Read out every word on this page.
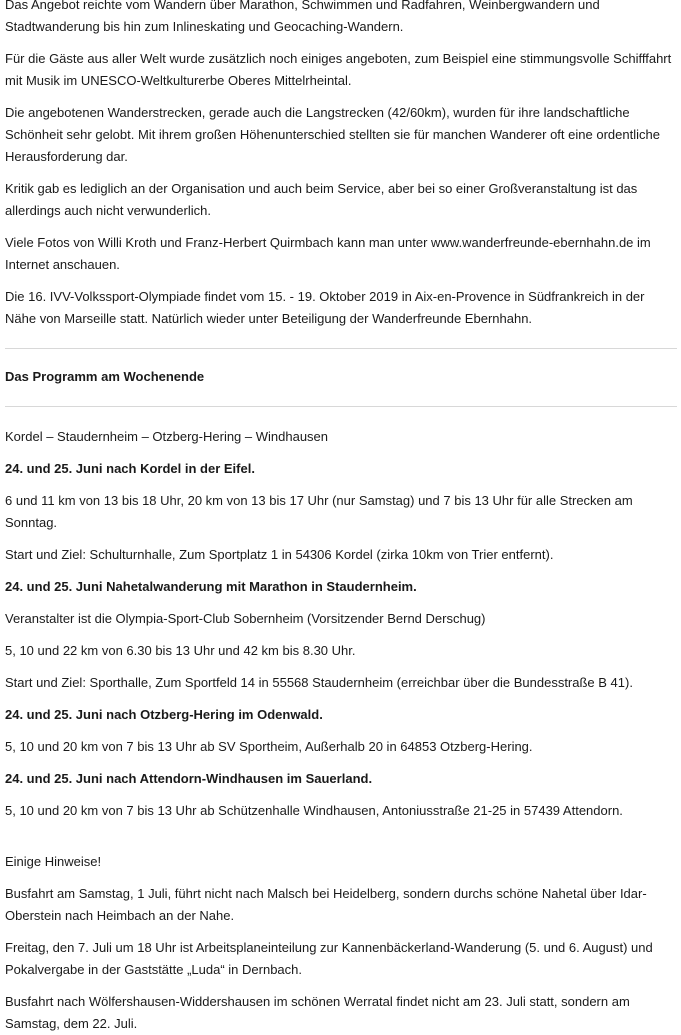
Das Angebot reichte vom Wandern über Marathon, Schwimmen und Radfahren, Weinbergwandern und Stadtwanderung bis hin zum Inlineskating und Geocaching-Wandern.

Für die Gäste aus aller Welt wurde zusätzlich noch einiges angeboten, zum Beispiel eine stimmungsvolle Schifffahrt mit Musik im UNESCO-Weltkulturerbe Oberes Mittelrheintal.

Die angebotenen Wanderstrecken, gerade auch die Langstrecken (42/60km), wurden für ihre landschaftliche Schönheit sehr gelobt. Mit ihrem großen Höhenunterschied stellten sie für manchen Wanderer oft eine ordentliche Herausforderung dar.

Kritik gab es lediglich an der Organisation und auch beim Service, aber bei so einer Großveranstaltung ist das allerdings auch nicht verwunderlich.

Viele Fotos von Willi Kroth und Franz-Herbert Quirmbach kann man unter www.wanderfreunde-ebernhahn.de im Internet anschauen.

Die 16. IVV-Volkssport-Olympiade findet vom 15. - 19. Oktober 2019 in Aix-en-Provence in Südfrankreich in der Nähe von Marseille statt. Natürlich wieder unter Beteiligung der Wanderfreunde Ebernhahn.

Das Programm am Wochenende

Kordel – Staudernheim – Otzberg-Hering – Windhausen

24. und 25. Juni nach Kordel in der Eifel.

6 und 11 km von 13 bis 18 Uhr, 20 km von 13 bis 17 Uhr (nur Samstag) und 7 bis 13 Uhr für alle Strecken am Sonntag.

Start und Ziel: Schulturnhalle, Zum Sportplatz 1 in 54306 Kordel (zirka 10km von Trier entfernt).

24. und 25. Juni Nahetalwanderung mit Marathon in Staudernheim.

Veranstalter ist die Olympia-Sport-Club Sobernheim (Vorsitzender Bernd Derschug)

5, 10 und 22 km von 6.30 bis 13 Uhr und 42 km bis 8.30 Uhr.

Start und Ziel: Sporthalle, Zum Sportfeld 14 in 55568 Staudernheim (erreichbar über die Bundesstraße B 41).

24. und 25. Juni nach Otzberg-Hering im Odenwald.

5, 10 und 20 km von 7 bis 13 Uhr ab SV Sportheim, Außerhalb 20 in 64853 Otzberg-Hering.

24. und 25. Juni nach Attendorn-Windhausen im Sauerland.

5, 10 und 20 km von 7 bis 13 Uhr ab Schützenhalle Windhausen, Antoniusstraße 21-25 in 57439 Attendorn.

Einige Hinweise!

Busfahrt am Samstag, 1 Juli, führt nicht nach Malsch bei Heidelberg, sondern durchs schöne Nahetal über Idar-Oberstein nach Heimbach an der Nahe.

Freitag, den 7. Juli um 18 Uhr ist Arbeitsplaneinteilung zur Kannenbäckerland-Wanderung (5. und 6. August) und Pokalvergabe in der Gaststätte „Luda“ in Dernbach.

Busfahrt nach Wölfershausen-Widdershausen im schönen Werratal findet nicht am 23. Juli statt, sondern am Samstag, dem 22. Juli.
